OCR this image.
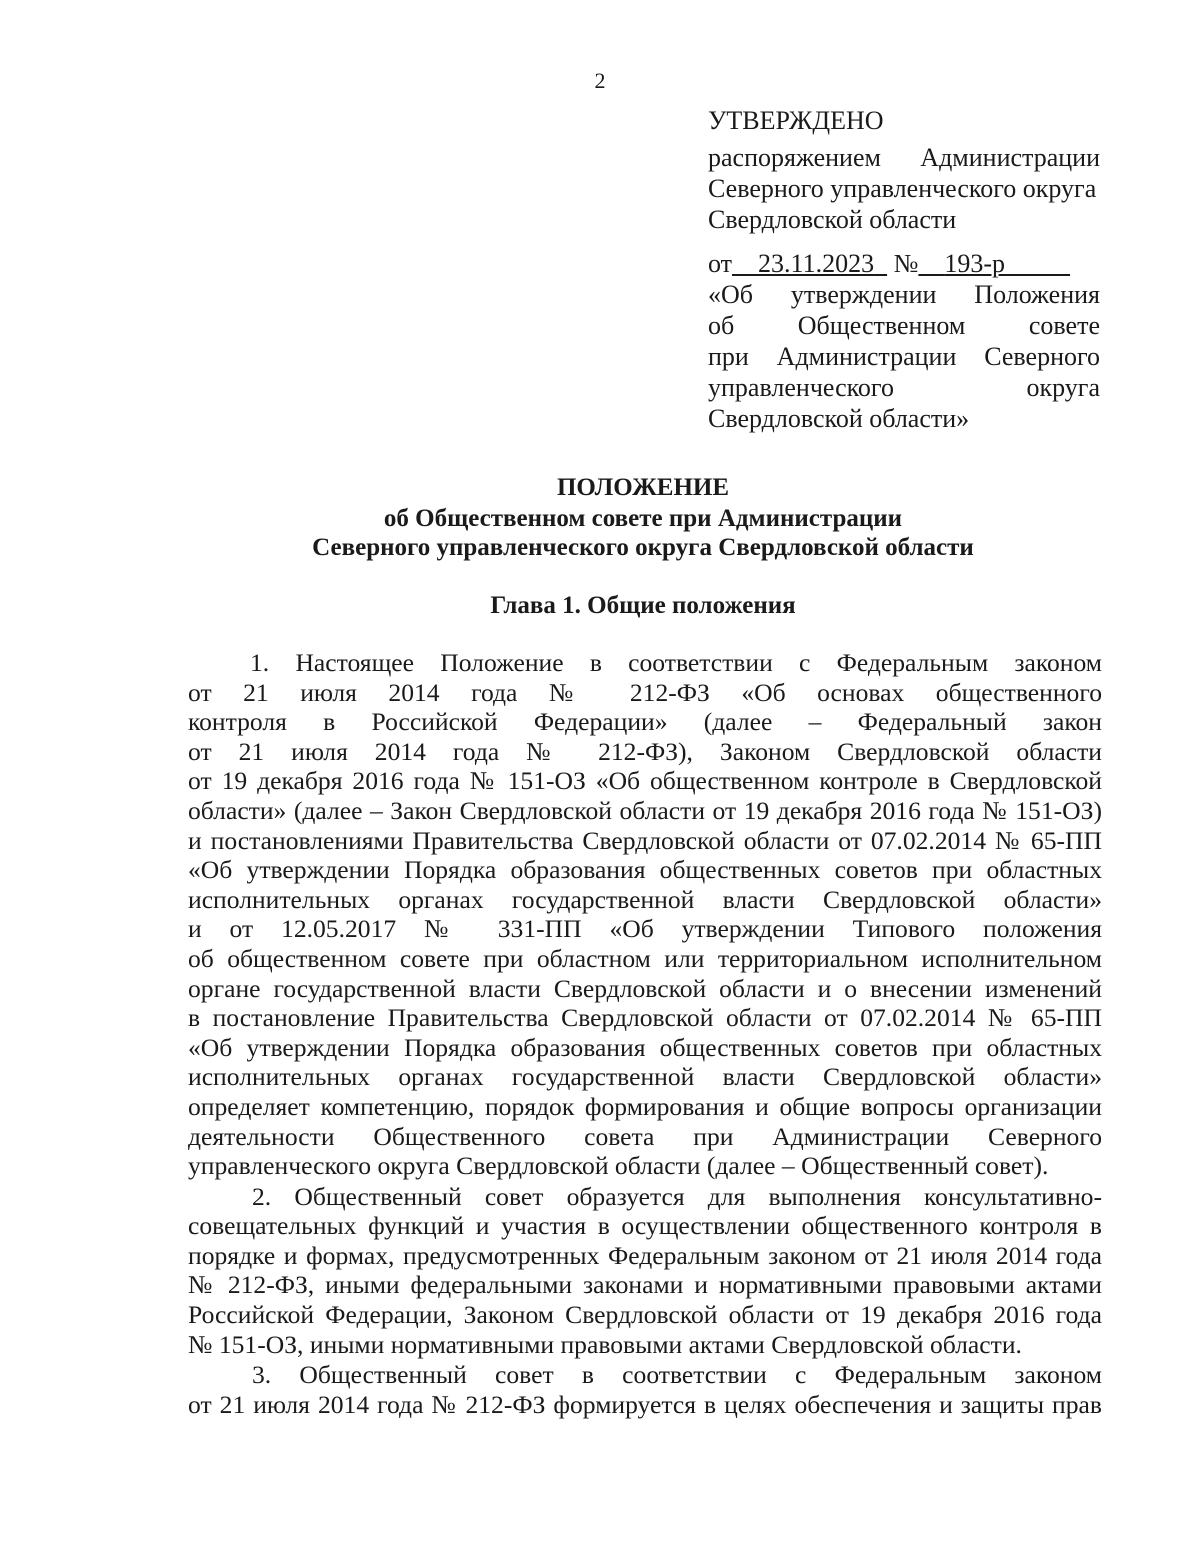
2
УТВЕРЖДЕНО
распоряжением Администрации
Северного управленческого округа
Свердловской области
от 23.11.2023 № 193-р
«Об утверждении Положения
об Общественном совете
при Администрации Северного
управленческого округа
Свердловской области»
ПОЛОЖЕНИЕ
об Общественном совете при Администрации
Северного управленческого округа Свердловской области
Глава 1. Общие положения
1. Настоящее Положение в соответствии с Федеральным законом
от 21 июля 2014 года № 212-ФЗ «Об основах общественного
контроля в Российской Федерации» (далее – Федеральный закон
от 21 июля 2014 года № 212-ФЗ), Законом Свердловской области
от 19 декабря 2016 года № 151-ОЗ «Об общественном контроле в Свердловской
области» (далее – Закон Свердловской области от 19 декабря 2016 года № 151-ОЗ)
и постановлениями Правительства Свердловской области от 07.02.2014 № 65-ПП
«Об утверждении Порядка образования общественных советов при областных
исполнительных органах государственной власти Свердловской области»
и от 12.05.2017 № 331-ПП «Об утверждении Типового положения
об общественном совете при областном или территориальном исполнительном
органе государственной власти Свердловской области и о внесении изменений
в постановление Правительства Свердловской области от 07.02.2014 № 65-ПП
«Об утверждении Порядка образования общественных советов при областных
исполнительных органах государственной власти Свердловской области»
определяет компетенцию, порядок формирования и общие вопросы организации
деятельности Общественного совета при Администрации Северного
управленческого округа Свердловской области (далее – Общественный совет).
2. Общественный совет образуется для выполнения консультативно-
совещательных функций и участия в осуществлении общественного контроля в
порядке и формах, предусмотренных Федеральным законом от 21 июля 2014 года
№ 212-ФЗ, иными федеральными законами и нормативными правовыми актами
Российской Федерации, Законом Свердловской области от 19 декабря 2016 года
№ 151-ОЗ, иными нормативными правовыми актами Свердловской области.
3. Общественный совет в соответствии с Федеральным законом
от 21 июля 2014 года № 212-ФЗ формируется в целях обеспечения и защиты прав
